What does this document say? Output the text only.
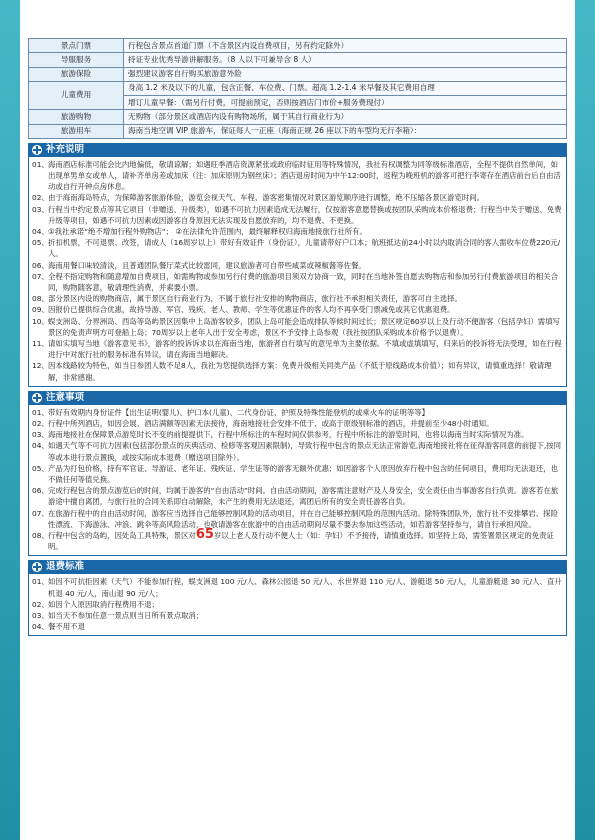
景点门票	行程包含景点首道门票（不含景区内设自费项目，另有约定除外）
导服服务	持证专业优秀导游讲解服务。（8 人以下可兼导含 8 人）
旅游保险	强烈建议游客自行购买旅游意外险
儿童费用	身高 1.2 米及以下的儿童，包含正餐、车位费、门票。超高 1.2-1.4 米早餐及其它费用自理
	增订儿童早餐：（需另行付费，可提前预定，否则按酒店门市价+服务费现付）
旅游购物	无购物（部分景区或酒店内设有购物场所，属于其自行商业行为）
旅游用车	海南当地空调 VIP 旅游车，保证每人一正座（海南正规 26 座以下的车型均无行李箱）：
补充说明
01、 海南酒店标准可能会比内地偏低，敬请谅解；如遇旺季酒店资源紧张或政府临时征用等特殊情况，我社有权调整为同等级标准酒店，全程不提供自然单间，如出现单男单女或单人，请补齐单房差或加床（注：加床原则为钢丝床）；酒店退房时间为中午12:00时，返程为晚班机的游客可把行李寄存在酒店前台后自由活动或自行开钟点房休息。
02、 由于海南海岛特点，为保障游客旅游体验，游览会视天气、车程、游客密集情况对景区游览顺序进行调整，绝不压缩各景区游览时间。
03、 行程当中约定景点等其它项目（非赠送、升级类），如遇不可抗力因素造成无法履行，仅按游客意愿替换或按团队采购成本价格退费；行程当中关于赠送、免费升级等项目，如遇不可抗力因素或因游客自身原因无法实现及自愿放弃的，均不退费、不更换。
04、 ①我社承诺“绝不增加行程外购物店”； ②在法律允许范围内，最终解释权归海南地接旅行社所有。
05、 折扣机票，不可退票、改签，请成人（16周岁以上）带好有效证件（身份证），儿童请带好户口本；航班抵达前24小时以内取消合同的客人需收车位费220元/人。
06、 海南用餐口味较清淡，且普通团队餐厅菜式比较雷同，建议旅游者可自带些咸菜或辣椒酱等佐餐。
07、 全程不指定购物和随意增加自费项目，如需购物或参加另行付费的旅游项目须双方协商一致，同时在当地补签自愿去购物店和参加另行付费旅游项目的相关合同，购物随客意，敬请理性消费，并索要小票。
08、 部分景区内设的购物商店，属于景区自行商业行为，不属于旅行社安排的购物商店，旅行社不承担相关责任，游客可自主选择。
09、 因报价已提供综合优惠，故持导游、军官、残疾、老人、教师、学生等优惠证件的客人均不再享受门票减免或其它优惠退费。
10、 蜈支洲岛、分界洲岛、西岛等岛屿景区因集中上岛游客较多，团队上岛可能会造成排队等候时间过长；景区规定60岁以上及行动不便游客（包括孕妇）需填写景区的免责声明方可登船上岛；70周岁以上老年人出于安全考虑，景区不予安排上岛参观（我社按团队采购成本价格予以退费）。
11、 请如实填写当地《游客意见书》，游客的投诉诉求以在海南当地，旅游者自行填写的意见单为主要依据。不填或虚填填写，归来后的投诉将无法受理，如在行程进行中对旅行社的服务标准有异议，请在海南当地解决。
12、 因本线路较为特色，如当日参团人数不足8人，我社为您提供选择方案：免费升级相关同类产品（不低于原线路成本价值）；如有异议，请慎重选择！敬请理解，非常感谢。
注意事项
01、 带好有效期内身份证件【出生证明(婴儿)、护口本(儿童)、二代身份证、护照及特殊性能登机的或乘火车的证明等等】
02、 行程中所列酒店，如因会展、酒店满额等因素无法接待，海南地接社会安排不低于、或高于原级别标准的酒店，并提前至少48小时通知。
03、 海南地接社在保障景点游览时长不变的前提提供下，行程中所标注的车程时间仅供参考，行程中所标注的游览时间，也将以海南当时实际情况为准。
04、 如遇天气等不可抗力因素(包括部份景点的庆典活动、检修等客观因素限制)，导致行程中包含的景点无法正常游览,海南地接社将在征得游客同意的前提下,按同等或本进行景点置换，或按实际成本退费（赠送项目除外）。
05、 产品为打包价格，持有军官证、导游证、老年证、残疾证、学生证等的游客无额外优惠；如因游客个人原因放弃行程中包含的任何项目，费用均无法退还，也不做任何等值兑换。
06、 完成行程包含的景点游览后的时间，均属于游客的“自由活动”时间。自由活动期间，游客需注意财产及人身安全，安全责任由当事游客自行负责。游客若在旅游途中擅自离团，与旅行社的合同关系即自动解除，未产生的费用无法退还，离团后所有的安全责任游客自负。
07、 在旅游行程中的自由活动时间，游客应当选择自己能够控制风险的活动项目，并在自己能够控制风险的范围内活动。除特殊团队外，旅行社不安排攀岩、探险性漂流、下海游泳、冲浪、跳伞等高风险活动，也敬请游客在旅游中的自由活动期间尽量不要去参加这些活动，如若游客坚持参与，请自行承担风险。
08、 行程中包含的岛屿，因处岛工具特殊，景区对65岁以上老人及行动不便人士（如：孕妇）不予接待，请慎重选择。如坚持上岛，需签署景区规定的免责证明。
退费标准
01、 如因不可抗拒因素（天气）不能参加行程，蜈支洲退 100 元/人、森林公园退 50 元/人、水世界退 110 元/人、游艇退 50 元/人，儿童游艇退 30 元/人、直升机退 40 元/人，南山退 90 元/人；
02、 如因个人原因取消行程费用不退；
03、 如当天不参加任意一景点则当日所有景点取消；
04、 餐不用不退
